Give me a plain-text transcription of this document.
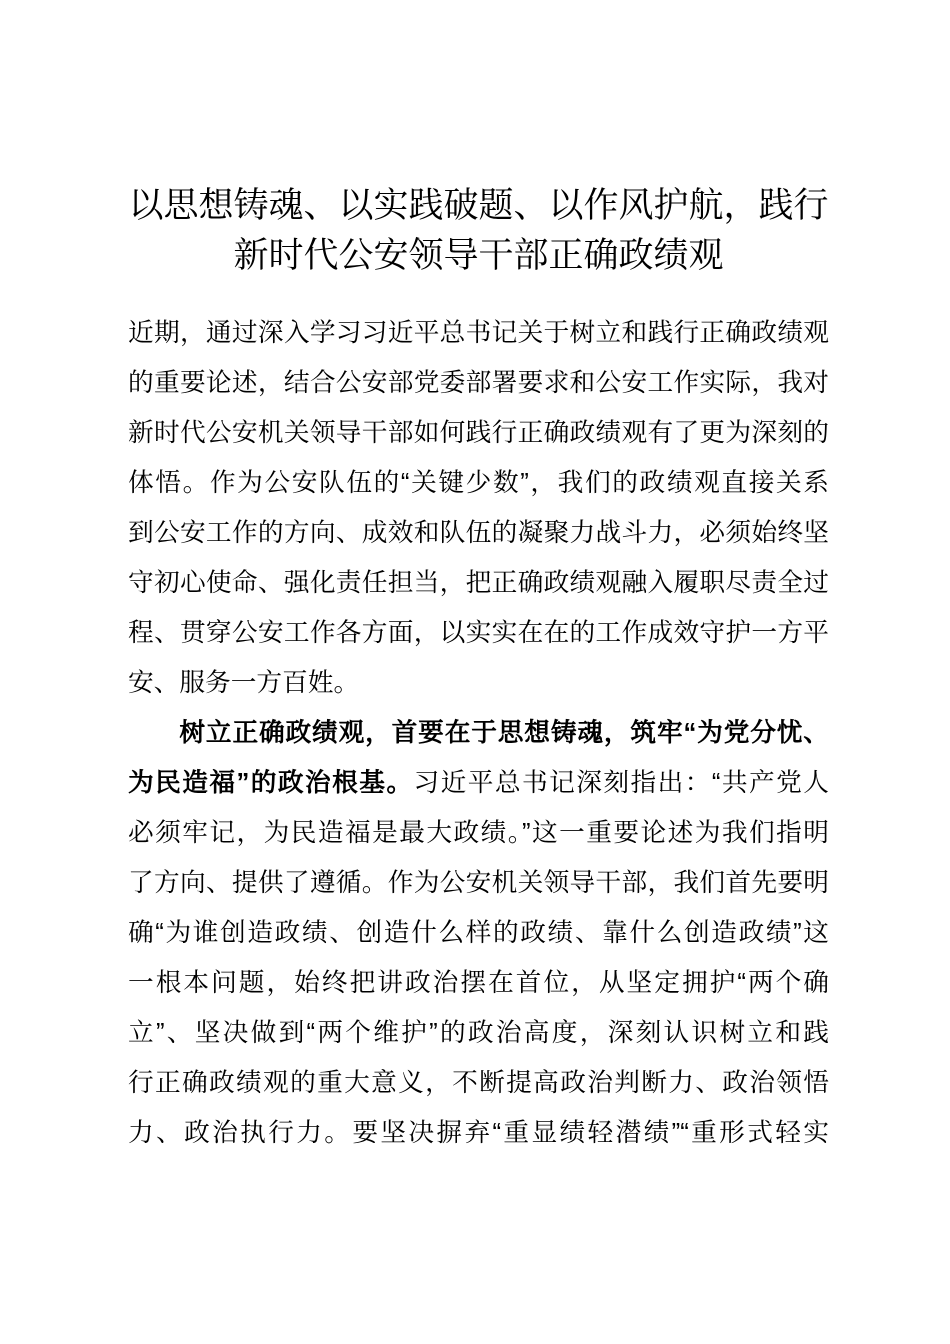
以思想铸魂、以实践破题、以作风护航，践行
新时代公安领导干部正确政绩观
近期，通过深入学习习近平总书记关于树立和践行正确政绩观
的重要论述，结合公安部党委部署要求和公安工作实际，我对
新时代公安机关领导干部如何践行正确政绩观有了更为深刻的
体悟。作为公安队伍的“关键少数”，我们的政绩观直接关系
到公安工作的方向、成效和队伍的凝聚力战斗力，必须始终坚
守初心使命、强化责任担当，把正确政绩观融入履职尽责全过
程、贯穿公安工作各方面，以实实在在的工作成效守护一方平
安、服务一方百姓。
树立正确政绩观，首要在于思想铸魂，筑牢“为党分忧、
为民造福”的政治根基。习近平总书记深刻指出：“共产党人
必须牢记，为民造福是最大政绩。”这一重要论述为我们指明
了方向、提供了遵循。作为公安机关领导干部，我们首先要明
确“为谁创造政绩、创造什么样的政绩、靠什么创造政绩”这
一根本问题，始终把讲政治摆在首位，从坚定拥护“两个确
立”、坚决做到“两个维护”的政治高度，深刻认识树立和践
行正确政绩观的重大意义，不断提高政治判断力、政治领悟
力、政治执行力。要坚决摒弃“重显绩轻潜绩”“重形式轻实
